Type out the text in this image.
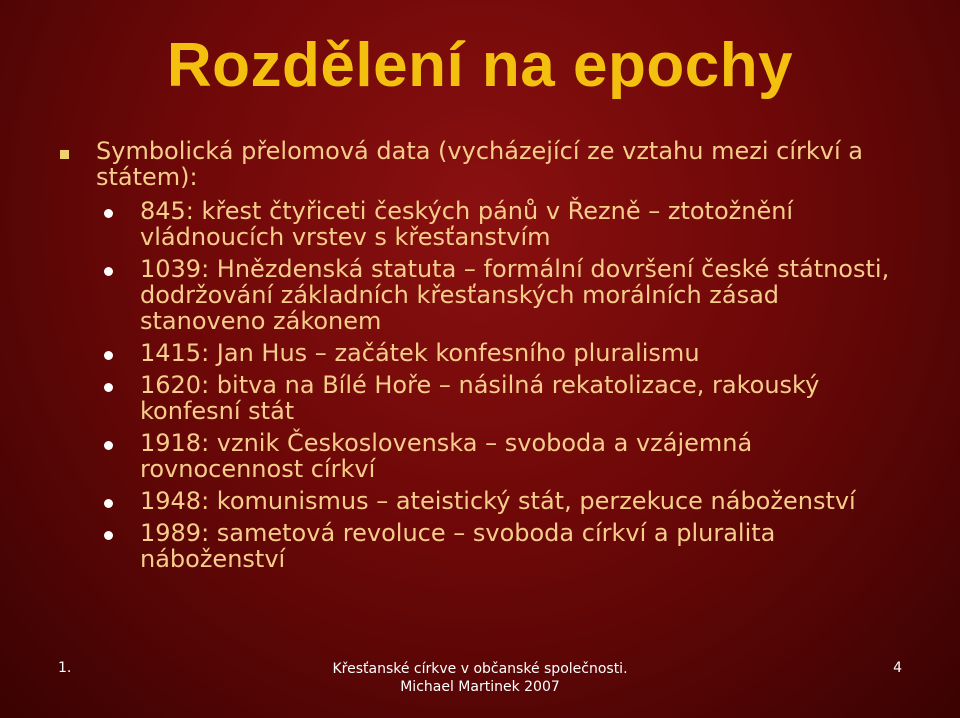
Rozdělení na epochy
Symbolická přelomová data (vycházející ze vztahu mezi církví a státem):
845: křest čtyřiceti českých pánů v Řezně – ztotožnění vládnoucích vrstev s křesťanstvím
1039: Hnězdenská statuta – formální dovršení české státnosti, dodržování základních křesťanských morálních zásad stanoveno zákonem
1415: Jan Hus – začátek konfesního pluralismu
1620: bitva na Bílé Hoře – násilná rekatolizace, rakouský konfesní stát
1918: vznik Československa – svoboda a vzájemná rovnocennost církví
1948: komunismus – ateistický stát, perzekuce náboženství
1989: sametová revoluce – svoboda církví a pluralita náboženství
1.	Křesťanské církve v občanské společnosti.
Michael Martinek 2007
4
